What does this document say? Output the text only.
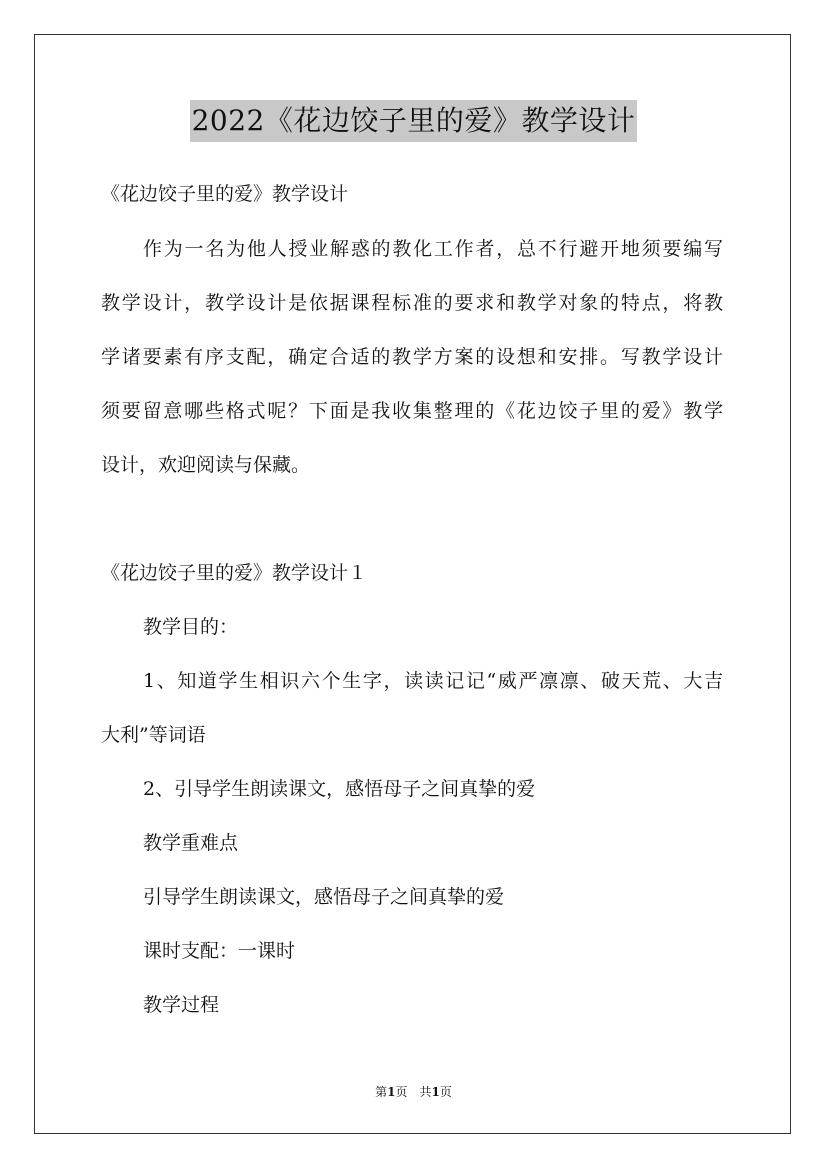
2022《花边饺子里的爱》教学设计
《花边饺子里的爱》教学设计
作为一名为他人授业解惑的教化工作者，总不行避开地须要编写
教学设计，教学设计是依据课程标准的要求和教学对象的特点，将教
学诸要素有序支配，确定合适的教学方案的设想和安排。写教学设计
须要留意哪些格式呢？下面是我收集整理的《花边饺子里的爱》教学
设计，欢迎阅读与保藏。
《花边饺子里的爱》教学设计１
教学目的：
1、知道学生相识六个生字，读读记记“威严凛凛、破天荒、大吉
大利”等词语
2、引导学生朗读课文，感悟母子之间真挚的爱
教学重难点
引导学生朗读课文，感悟母子之间真挚的爱
课时支配：一课时
教学过程
第1页　共1页
